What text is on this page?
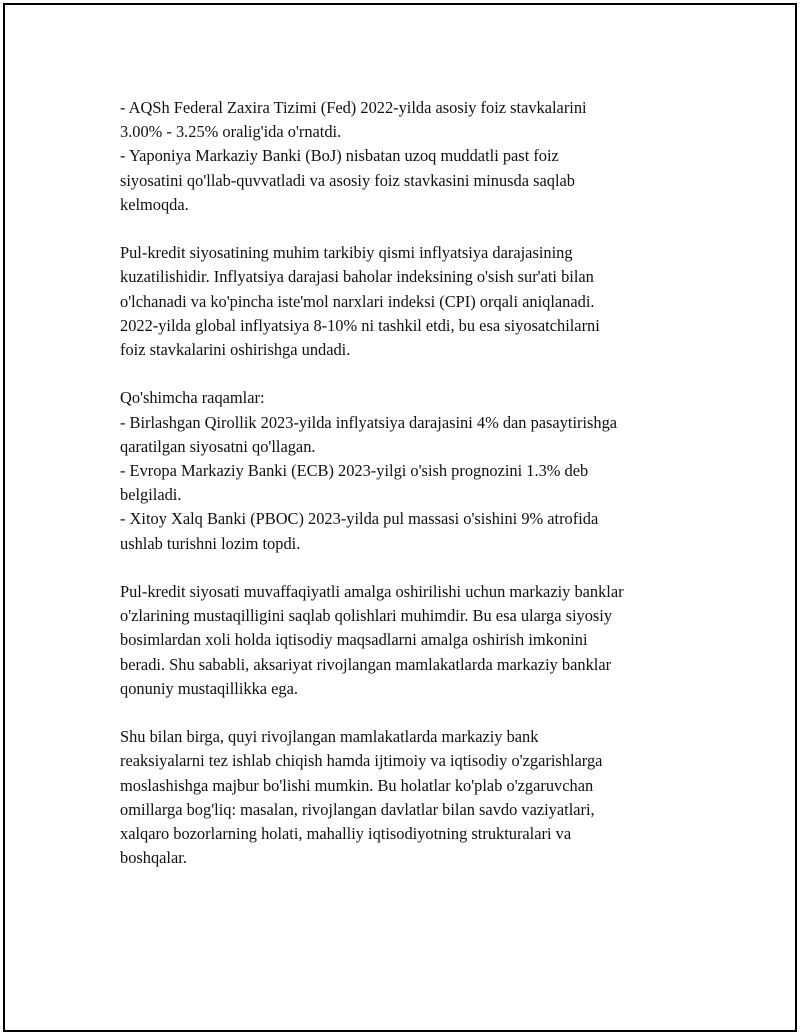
- AQSh Federal Zaxira Tizimi (Fed) 2022-yilda asosiy foiz stavkalarini
3.00% - 3.25% oralig'ida o'rnatdi.
- Yaponiya Markaziy Banki (BoJ) nisbatan uzoq muddatli past foiz
siyosatini qo'llab-quvvatladi va asosiy foiz stavkasini minusda saqlab
kelmoqda.

Pul-kredit siyosatining muhim tarkibiy qismi inflyatsiya darajasining
kuzatilishidir. Inflyatsiya darajasi baholar indeksining o'sish sur'ati bilan
o'lchanadi va ko'pincha iste'mol narxlari indeksi (CPI) orqali aniqlanadi.
2022-yilda global inflyatsiya 8-10% ni tashkil etdi, bu esa siyosatchilarni
foiz stavkalarini oshirishga undadi.

Qo'shimcha raqamlar:
- Birlashgan Qirollik 2023-yilda inflyatsiya darajasini 4% dan pasaytirishga
qaratilgan siyosatni qo'llagan.
- Evropa Markaziy Banki (ECB) 2023-yilgi o'sish prognozini 1.3% deb
belgiladi.
- Xitoy Xalq Banki (PBOC) 2023-yilda pul massasi o'sishini 9% atrofida
ushlab turishni lozim topdi.

Pul-kredit siyosati muvaffaqiyatli amalga oshirilishi uchun markaziy banklar
o'zlarining mustaqilligini saqlab qolishlari muhimdir. Bu esa ularga siyosiy
bosimlardan xoli holda iqtisodiy maqsadlarni amalga oshirish imkonini
beradi. Shu sababli, aksariyat rivojlangan mamlakatlarda markaziy banklar
qonuniy mustaqillikka ega.

Shu bilan birga, quyi rivojlangan mamlakatlarda markaziy bank
reaksiyalarni tez ishlab chiqish hamda ijtimoiy va iqtisodiy o'zgarishlarga
moslashishga majbur bo'lishi mumkin. Bu holatlar ko'plab o'zgaruvchan
omillarga bog'liq: masalan, rivojlangan davlatlar bilan savdo vaziyatlari,
xalqaro bozorlarning holati, mahalliy iqtisodiyotning strukturalari va
boshqalar.
